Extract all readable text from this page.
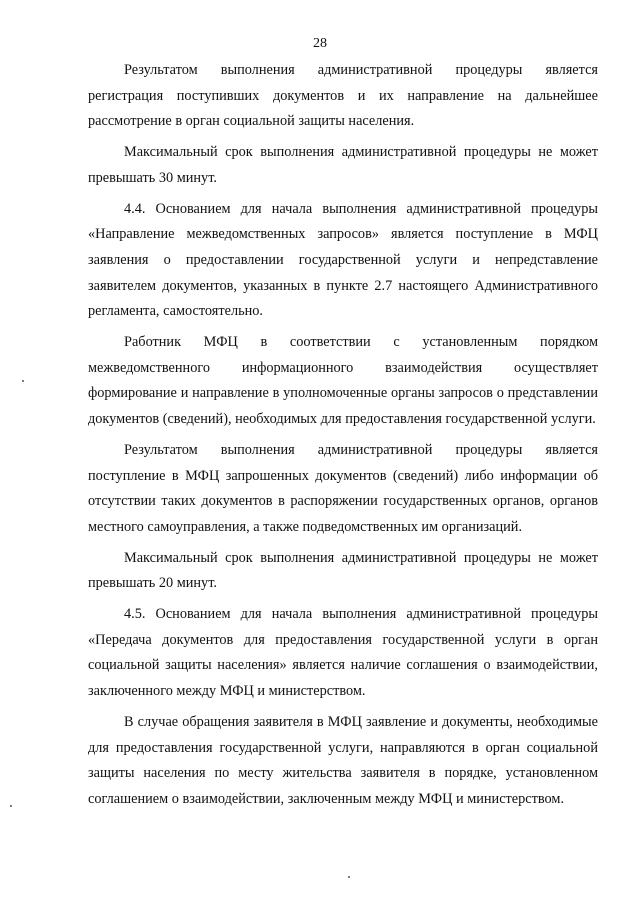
28

Результатом выполнения административной процедуры является регистрация поступивших документов и их направление на дальнейшее рассмотрение в орган социальной защиты населения.

Максимальный срок выполнения административной процедуры не может превышать 30 минут.

4.4. Основанием для начала выполнения административной процедуры «Направление межведомственных запросов» является поступление в МФЦ заявления о предоставлении государственной услуги и непредставление заявителем документов, указанных в пункте 2.7 настоящего Административного регламента, самостоятельно.

Работник МФЦ в соответствии с установленным порядком межведомственного информационного взаимодействия осуществляет формирование и направление в уполномоченные органы запросов о представлении документов (сведений), необходимых для предоставления государственной услуги.

Результатом выполнения административной процедуры является поступление в МФЦ запрошенных документов (сведений) либо информации об отсутствии таких документов в распоряжении государственных органов, органов местного самоуправления, а также подведомственных им организаций.

Максимальный срок выполнения административной процедуры не может превышать 20 минут.

4.5. Основанием для начала выполнения административной процедуры «Передача документов для предоставления государственной услуги в орган социальной защиты населения» является наличие соглашения о взаимодействии, заключенного между МФЦ и министерством.

В случае обращения заявителя в МФЦ заявление и документы, необходимые для предоставления государственной услуги, направляются в орган социальной защиты населения по месту жительства заявителя в порядке, установленном соглашением о взаимодействии, заключенным между МФЦ и министерством.
